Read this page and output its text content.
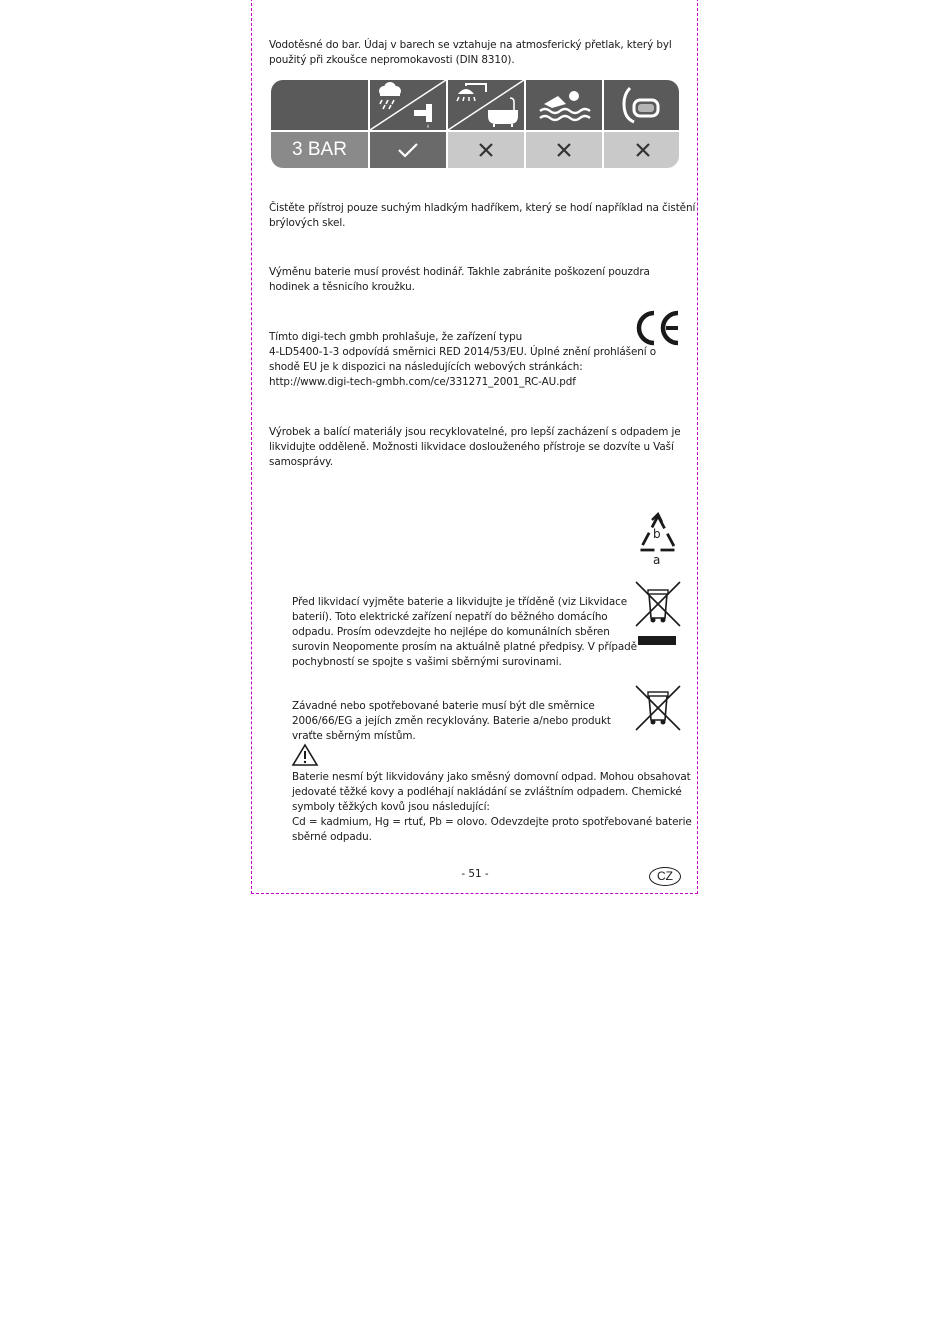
Vodotěsné do bar. Údaj v barech se vztahuje na atmosferický přetlak, který byl
použitý při zkoušce nepromokavosti (DIN 8310).

3 BAR

Čistěte přístroj pouze suchým hladkým hadříkem, který se hodí například na čistění
brýlových skel.

Výměnu baterie musí provést hodinář. Takhle zabránite poškození pouzdra
hodinek a těsnicího kroužku.

Tímto digi-tech gmbh prohlašuje, že zařízení typu
4-LD5400-1-3 odpovídá směrnici RED 2014/53/EU. Úplné znění prohlášení o
shodě EU je k dispozici na následujících webových stránkách:
http://www.digi-tech-gmbh.com/ce/331271_2001_RC-AU.pdf

Výrobek a balící materiály jsou recyklovatelné, pro lepší zacházení s odpadem je
likvidujte odděleně. Možnosti likvidace doslouženého přístroje se dozvíte u Vaší
samosprávy.

b
a

Před likvidací vyjměte baterie a likvidujte je tříděně (viz Likvidace
baterií). Toto elektrické zařízení nepatří do běžného domácího
odpadu. Prosím odevzdejte ho nejlépe do komunálních sběren
surovin Neopomente prosím na aktuálně platné předpisy. V případě
pochybností se spojte s vašimi sběrnými surovinami.

Závadné nebo spotřebované baterie musí být dle směrnice
2006/66/EG a jejích změn recyklovány. Baterie a/nebo produkt
vraťte sběrným místům.

Baterie nesmí být likvidovány jako směsný domovní odpad. Mohou obsahovat
jedovaté těžké kovy a podléhají nakládání se zvláštním odpadem. Chemické
symboly těžkých kovů jsou následující:
Cd = kadmium, Hg = rtuť, Pb = olovo. Odevzdejte proto spotřebované baterie
sběrné odpadu.

- 51 -	CZ
